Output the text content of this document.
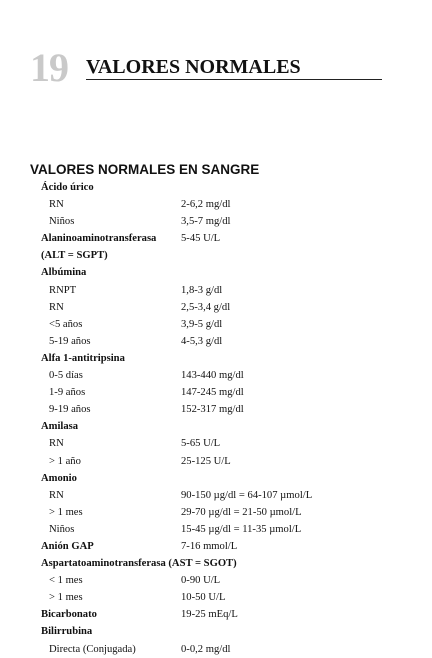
19 VALORES NORMALES
VALORES NORMALES EN SANGRE
Ácido úrico
RN	2-6,2 mg/dl
Niños	3,5-7 mg/dl
Alaninoaminotransferasa 5-45 U/L
(ALT = SGPT)
Albúmina
RNPT	1,8-3 g/dl
RN	2,5-3,4 g/dl
<5 años	3,9-5 g/dl
5-19 años	4-5,3 g/dl
Alfa 1-antitripsina
0-5 días	143-440 mg/dl
1-9 años	147-245 mg/dl
9-19 años	152-317 mg/dl
Amilasa
RN	5-65 U/L
> 1 año	25-125 U/L
Amonio
RN	90-150 µg/dl = 64-107 µmol/L
> 1 mes	29-70 µg/dl = 21-50 µmol/L
Niños	15-45 µg/dl = 11-35 µmol/L
Anión GAP	7-16 mmol/L
Aspartatoaminotransferasa (AST = SGOT)
< 1 mes	0-90 U/L
> 1 mes	10-50 U/L
Bicarbonato	19-25 mEq/L
Bilirrubina
Directa (Conjugada)	0-0,2 mg/dl
